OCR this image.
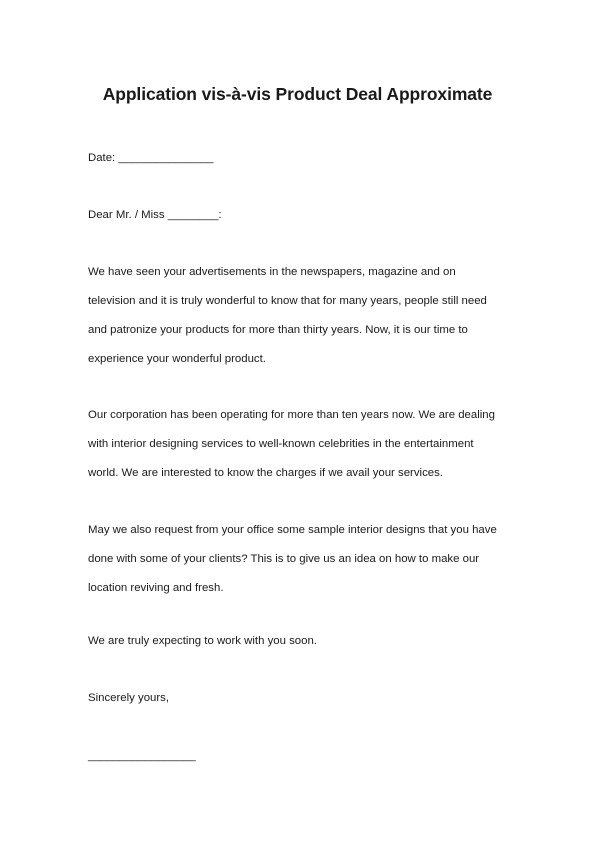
Application vis-à-vis Product Deal Approximate
Date: _______________
Dear Mr. / Miss ________:
We have seen your advertisements in the newspapers, magazine and on
television and it is truly wonderful to know that for many years, people still need
and patronize your products for more than thirty years. Now, it is our time to
experience your wonderful product.
Our corporation has been operating for more than ten years now. We are dealing
with interior designing services to well-known celebrities in the entertainment
world. We are interested to know the charges if we avail your services.
May we also request from your office some sample interior designs that you have
done with some of your clients? This is to give us an idea on how to make our
location reviving and fresh.
We are truly expecting to work with you soon.
Sincerely yours,
_________________
